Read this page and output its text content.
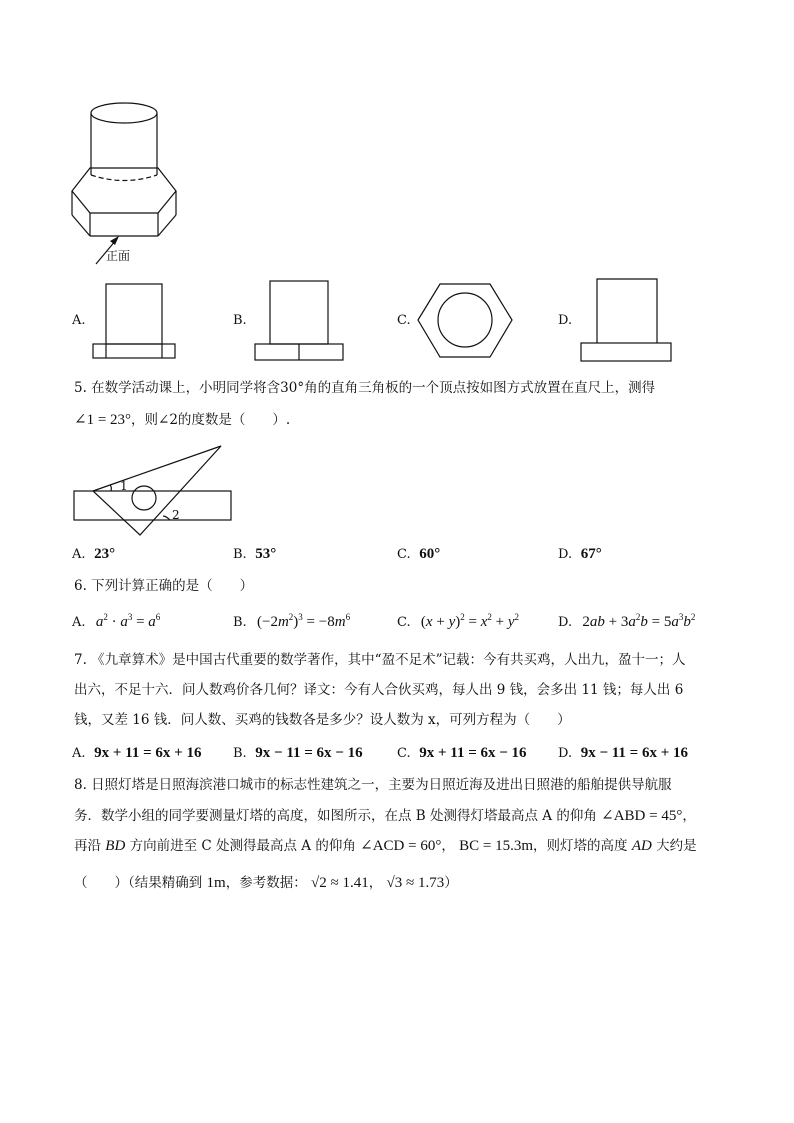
正面
A.	B.	C.	D.
5. 在数学活动课上，小明同学将含30°角的直角三角板的一个顶点按如图方式放置在直尺上，测得
∠1 = 23°，则∠2的度数是（　　）.
1
2
A. 23°	B. 53°	C. 60°	D. 67°
6. 下列计算正确的是（　　）
A. $a^2 \cdot a^3 = a^6$	B. $(-2m^2)^3 = -8m^6$	C. $(x + y)^2 = x^2 + y^2$	D. $2ab + 3a^2b = 5a^3b^2$
7. 《九章算术》是中国古代重要的数学著作，其中“盈不足术”记载：今有共买鸡，人出九，盈十一；人
出六，不足十六．问人数鸡价各几何？译文：今有人合伙买鸡，每人出 9 钱，会多出 11 钱；每人出 6
钱，又差 16 钱．问人数、买鸡的钱数各是多少？设人数为 x，可列方程为（　　）
A. 9x + 11 = 6x + 16 B. 9x − 11 = 6x − 16	C. 9x + 11 = 6x − 16 D. 9x − 11 = 6x + 16
8. 日照灯塔是日照海滨港口城市的标志性建筑之一，主要为日照近海及进出日照港的船舶提供导航服
务．数学小组的同学要测量灯塔的高度，如图所示，在点 B 处测得灯塔最高点 A 的仰角 ∠ABD = 45°，
再沿 BD 方向前进至 C 处测得最高点 A 的仰角 ∠ACD = 60°， BC = 15.3m，则灯塔的高度 AD 大约是
（　　）（结果精确到 1m，参考数据： √2 ≈ 1.41， √3 ≈ 1.73）
